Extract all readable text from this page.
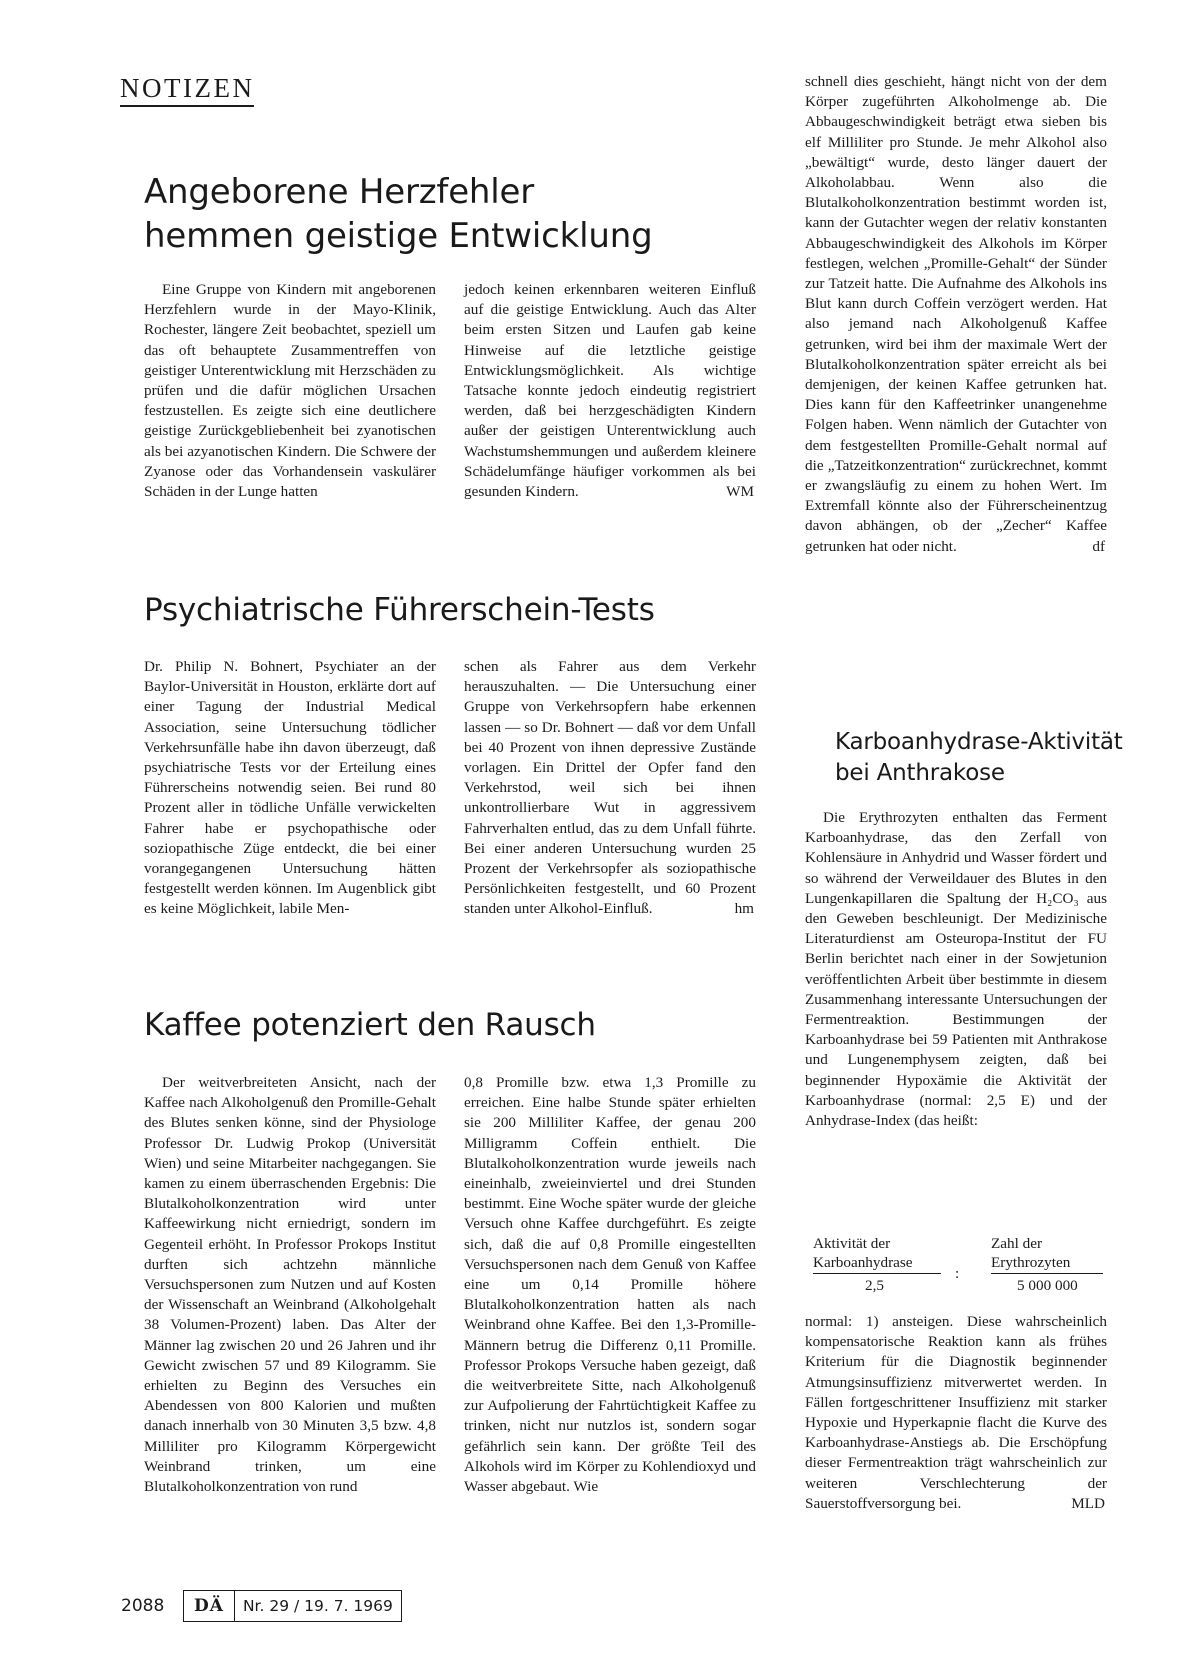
NOTIZEN
Angeborene Herzfehler
hemmen geistige Entwicklung

Eine Gruppe von Kindern mit angeborenen Herzfehlern wurde in der Mayo-Klinik, Rochester, längere Zeit beobachtet, speziell um das oft behauptete Zusammentreffen von geistiger Unterentwicklung mit Herzschäden zu prüfen und die dafür möglichen Ursachen festzustellen. Es zeigte sich eine deutlichere geistige Zurückgebliebenheit bei zyanotischen als bei azyanotischen Kindern. Die Schwere der Zyanose oder das Vorhandensein vaskulärer Schäden in der Lunge hatten

jedoch keinen erkennbaren weiteren Einfluß auf die geistige Entwicklung. Auch das Alter beim ersten Sitzen und Laufen gab keine Hinweise auf die letztliche geistige Entwicklungsmöglichkeit. Als wichtige Tatsache konnte jedoch eindeutig registriert werden, daß bei herzgeschädigten Kindern außer der geistigen Unterentwicklung auch Wachstumshemmungen und außerdem kleinere Schädelumfänge häufiger vorkommen als bei gesunden Kindern.	WM

Psychiatrische Führerschein-Tests

Dr. Philip N. Bohnert, Psychiater an der Baylor-Universität in Houston, erklärte dort auf einer Tagung der Industrial Medical Association, seine Untersuchung tödlicher Verkehrsunfälle habe ihn davon überzeugt, daß psychiatrische Tests vor der Erteilung eines Führerscheins notwendig seien. Bei rund 80 Prozent aller in tödliche Unfälle verwickelten Fahrer habe er psychopathische oder soziopathische Züge entdeckt, die bei einer vorangegangenen Untersuchung hätten festgestellt werden können. Im Augenblick gibt es keine Möglichkeit, labile Men-

schen als Fahrer aus dem Verkehr herauszuhalten. — Die Untersuchung einer Gruppe von Verkehrsopfern habe erkennen lassen — so Dr. Bohnert — daß vor dem Unfall bei 40 Prozent von ihnen depressive Zustände vorlagen. Ein Drittel der Opfer fand den Verkehrstod, weil sich bei ihnen unkontrollierbare Wut in aggressivem Fahrverhalten entlud, das zu dem Unfall führte. Bei einer anderen Untersuchung wurden 25 Prozent der Verkehrsopfer als soziopathische Persönlichkeiten festgestellt, und 60 Prozent standen unter Alkohol-Einfluß.	hm

Kaffee potenziert den Rausch

Der weitverbreiteten Ansicht, nach der Kaffee nach Alkoholgenuß den Promille-Gehalt des Blutes senken könne, sind der Physiologe Professor Dr. Ludwig Prokop (Universität Wien) und seine Mitarbeiter nachgegangen. Sie kamen zu einem überraschenden Ergebnis: Die Blutalkoholkonzentration wird unter Kaffeewirkung nicht erniedrigt, sondern im Gegenteil erhöht. In Professor Prokops Institut durften sich achtzehn männliche Versuchspersonen zum Nutzen und auf Kosten der Wissenschaft an Weinbrand (Alkoholgehalt 38 Volumen-Prozent) laben. Das Alter der Männer lag zwischen 20 und 26 Jahren und ihr Gewicht zwischen 57 und 89 Kilogramm. Sie erhielten zu Beginn des Versuches ein Abendessen von 800 Kalorien und mußten danach innerhalb von 30 Minuten 3,5 bzw. 4,8 Milliliter pro Kilogramm Körpergewicht Weinbrand trinken, um eine Blutalkoholkonzentration von rund

0,8 Promille bzw. etwa 1,3 Promille zu erreichen. Eine halbe Stunde später erhielten sie 200 Milliliter Kaffee, der genau 200 Milligramm Coffein enthielt. Die Blutalkoholkonzentration wurde jeweils nach eineinhalb, zweieinviertel und drei Stunden bestimmt. Eine Woche später wurde der gleiche Versuch ohne Kaffee durchgeführt. Es zeigte sich, daß die auf 0,8 Promille eingestellten Versuchspersonen nach dem Genuß von Kaffee eine um 0,14 Promille höhere Blutalkoholkonzentration hatten als nach Weinbrand ohne Kaffee. Bei den 1,3-Promille-Männern betrug die Differenz 0,11 Promille. Professor Prokops Versuche haben gezeigt, daß die weitverbreitete Sitte, nach Alkoholgenuß zur Aufpolierung der Fahrtüchtigkeit Kaffee zu trinken, nicht nur nutzlos ist, sondern sogar gefährlich sein kann. Der größte Teil des Alkohols wird im Körper zu Kohlendioxyd und Wasser abgebaut. Wie

schnell dies geschieht, hängt nicht von der dem Körper zugeführten Alkoholmenge ab. Die Abbaugeschwindigkeit beträgt etwa sieben bis elf Milliliter pro Stunde. Je mehr Alkohol also „bewältigt“ wurde, desto länger dauert der Alkoholabbau. Wenn also die Blutalkoholkonzentration bestimmt worden ist, kann der Gutachter wegen der relativ konstanten Abbaugeschwindigkeit des Alkohols im Körper festlegen, welchen „Promille-Gehalt“ der Sünder zur Tatzeit hatte. Die Aufnahme des Alkohols ins Blut kann durch Coffein verzögert werden. Hat also jemand nach Alkoholgenuß Kaffee getrunken, wird bei ihm der maximale Wert der Blutalkoholkonzentration später erreicht als bei demjenigen, der keinen Kaffee getrunken hat. Dies kann für den Kaffeetrinker unangenehme Folgen haben. Wenn nämlich der Gutachter von dem festgestellten Promille-Gehalt normal auf die „Tatzeitkonzentration“ zurückrechnet, kommt er zwangsläufig zu einem zu hohen Wert. Im Extremfall könnte also der Führerscheinentzug davon abhängen, ob der „Zecher“ Kaffee getrunken hat oder nicht.	df

Karboanhydrase-Aktivität
bei Anthrakose

Die Erythrozyten enthalten das Ferment Karboanhydrase, das den Zerfall von Kohlensäure in Anhydrid und Wasser fördert und so während der Verweildauer des Blutes in den Lungenkapillaren die Spaltung der H₂CO₃ aus den Geweben beschleunigt. Der Medizinische Literaturdienst am Osteuropa-Institut der FU Berlin berichtet nach einer in der Sowjetunion veröffentlichten Arbeit über bestimmte in diesem Zusammenhang interessante Untersuchungen der Fermentreaktion. Bestimmungen der Karboanhydrase bei 59 Patienten mit Anthrakose und Lungenemphysem zeigten, daß bei beginnender Hypoxämie die Aktivität der Karboanhydrase (normal: 2,5 E) und der Anhydrase-Index (das heißt:

Aktivität der
Karboanhydrase
2,5
:
Zahl der
Erythrozyten
5 000 000

normal: 1) ansteigen. Diese wahrscheinlich kompensatorische Reaktion kann als frühes Kriterium für die Diagnostik beginnender Atmungsinsuffizienz mitverwertet werden. In Fällen fortgeschrittener Insuffizienz mit starker Hypoxie und Hyperkapnie flacht die Kurve des Karboanhydrase-Anstiegs ab. Die Erschöpfung dieser Fermentreaktion trägt wahrscheinlich zur weiteren Verschlechterung der Sauerstoffversorgung bei.	MLD

2088	DÄ	Nr. 29 / 19. 7. 1969
